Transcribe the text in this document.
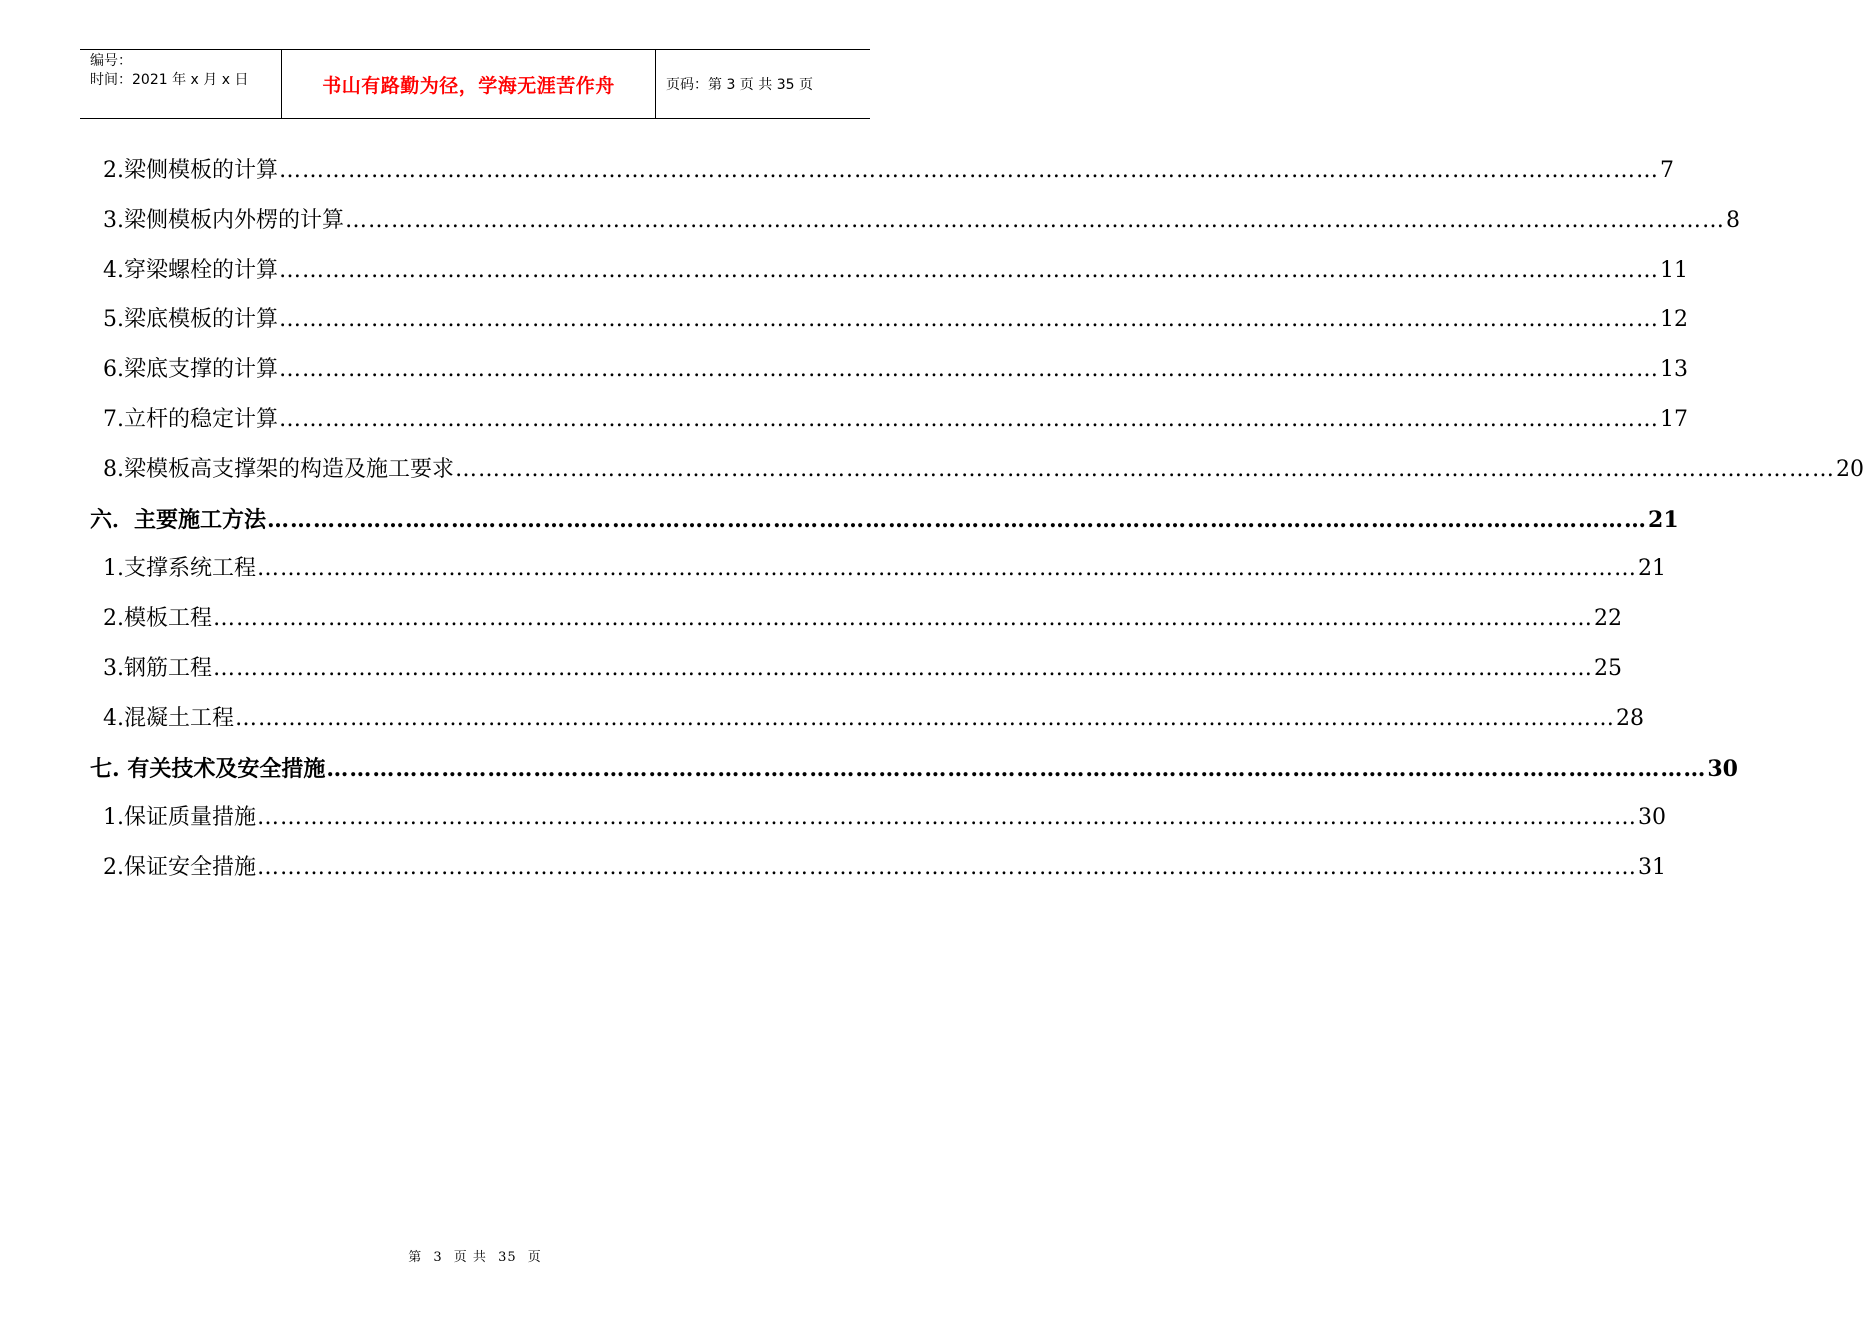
编号：
时间：2021 年 x 月 x 日	书山有路勤为径，学海无涯苦作舟	页码：第 3 页 共 35 页
2.梁侧模板的计算 ……………………………………………………………………………………………………………………………………………………………… 7
3.梁侧模板内外楞的计算 ……………………………………………………………………………………………………………………………………………………………… 8
4.穿梁螺栓的计算 ……………………………………………………………………………………………………………………………………………………………… 11
5.梁底模板的计算 ……………………………………………………………………………………………………………………………………………………………… 12
6.梁底支撑的计算 ……………………………………………………………………………………………………………………………………………………………… 13
7.立杆的稳定计算 ……………………………………………………………………………………………………………………………………………………………… 17
8.梁模板高支撑架的构造及施工要求 ……………………………………………………………………………………………………………………………………………………………… 20
六．主要施工方法 ……………………………………………………………………………………………………………………………………………………………… 21
1.支撑系统工程 ……………………………………………………………………………………………………………………………………………………………… 21
2.模板工程 ……………………………………………………………………………………………………………………………………………………………… 22
3.钢筋工程 ……………………………………………………………………………………………………………………………………………………………… 25
4.混凝土工程 ……………………………………………………………………………………………………………………………………………………………… 28
七. 有关技术及安全措施 ……………………………………………………………………………………………………………………………………………………………… 30
1.保证质量措施 ……………………………………………………………………………………………………………………………………………………………… 30
2.保证安全措施 ……………………………………………………………………………………………………………………………………………………………… 31
第 3 页 共 35 页
